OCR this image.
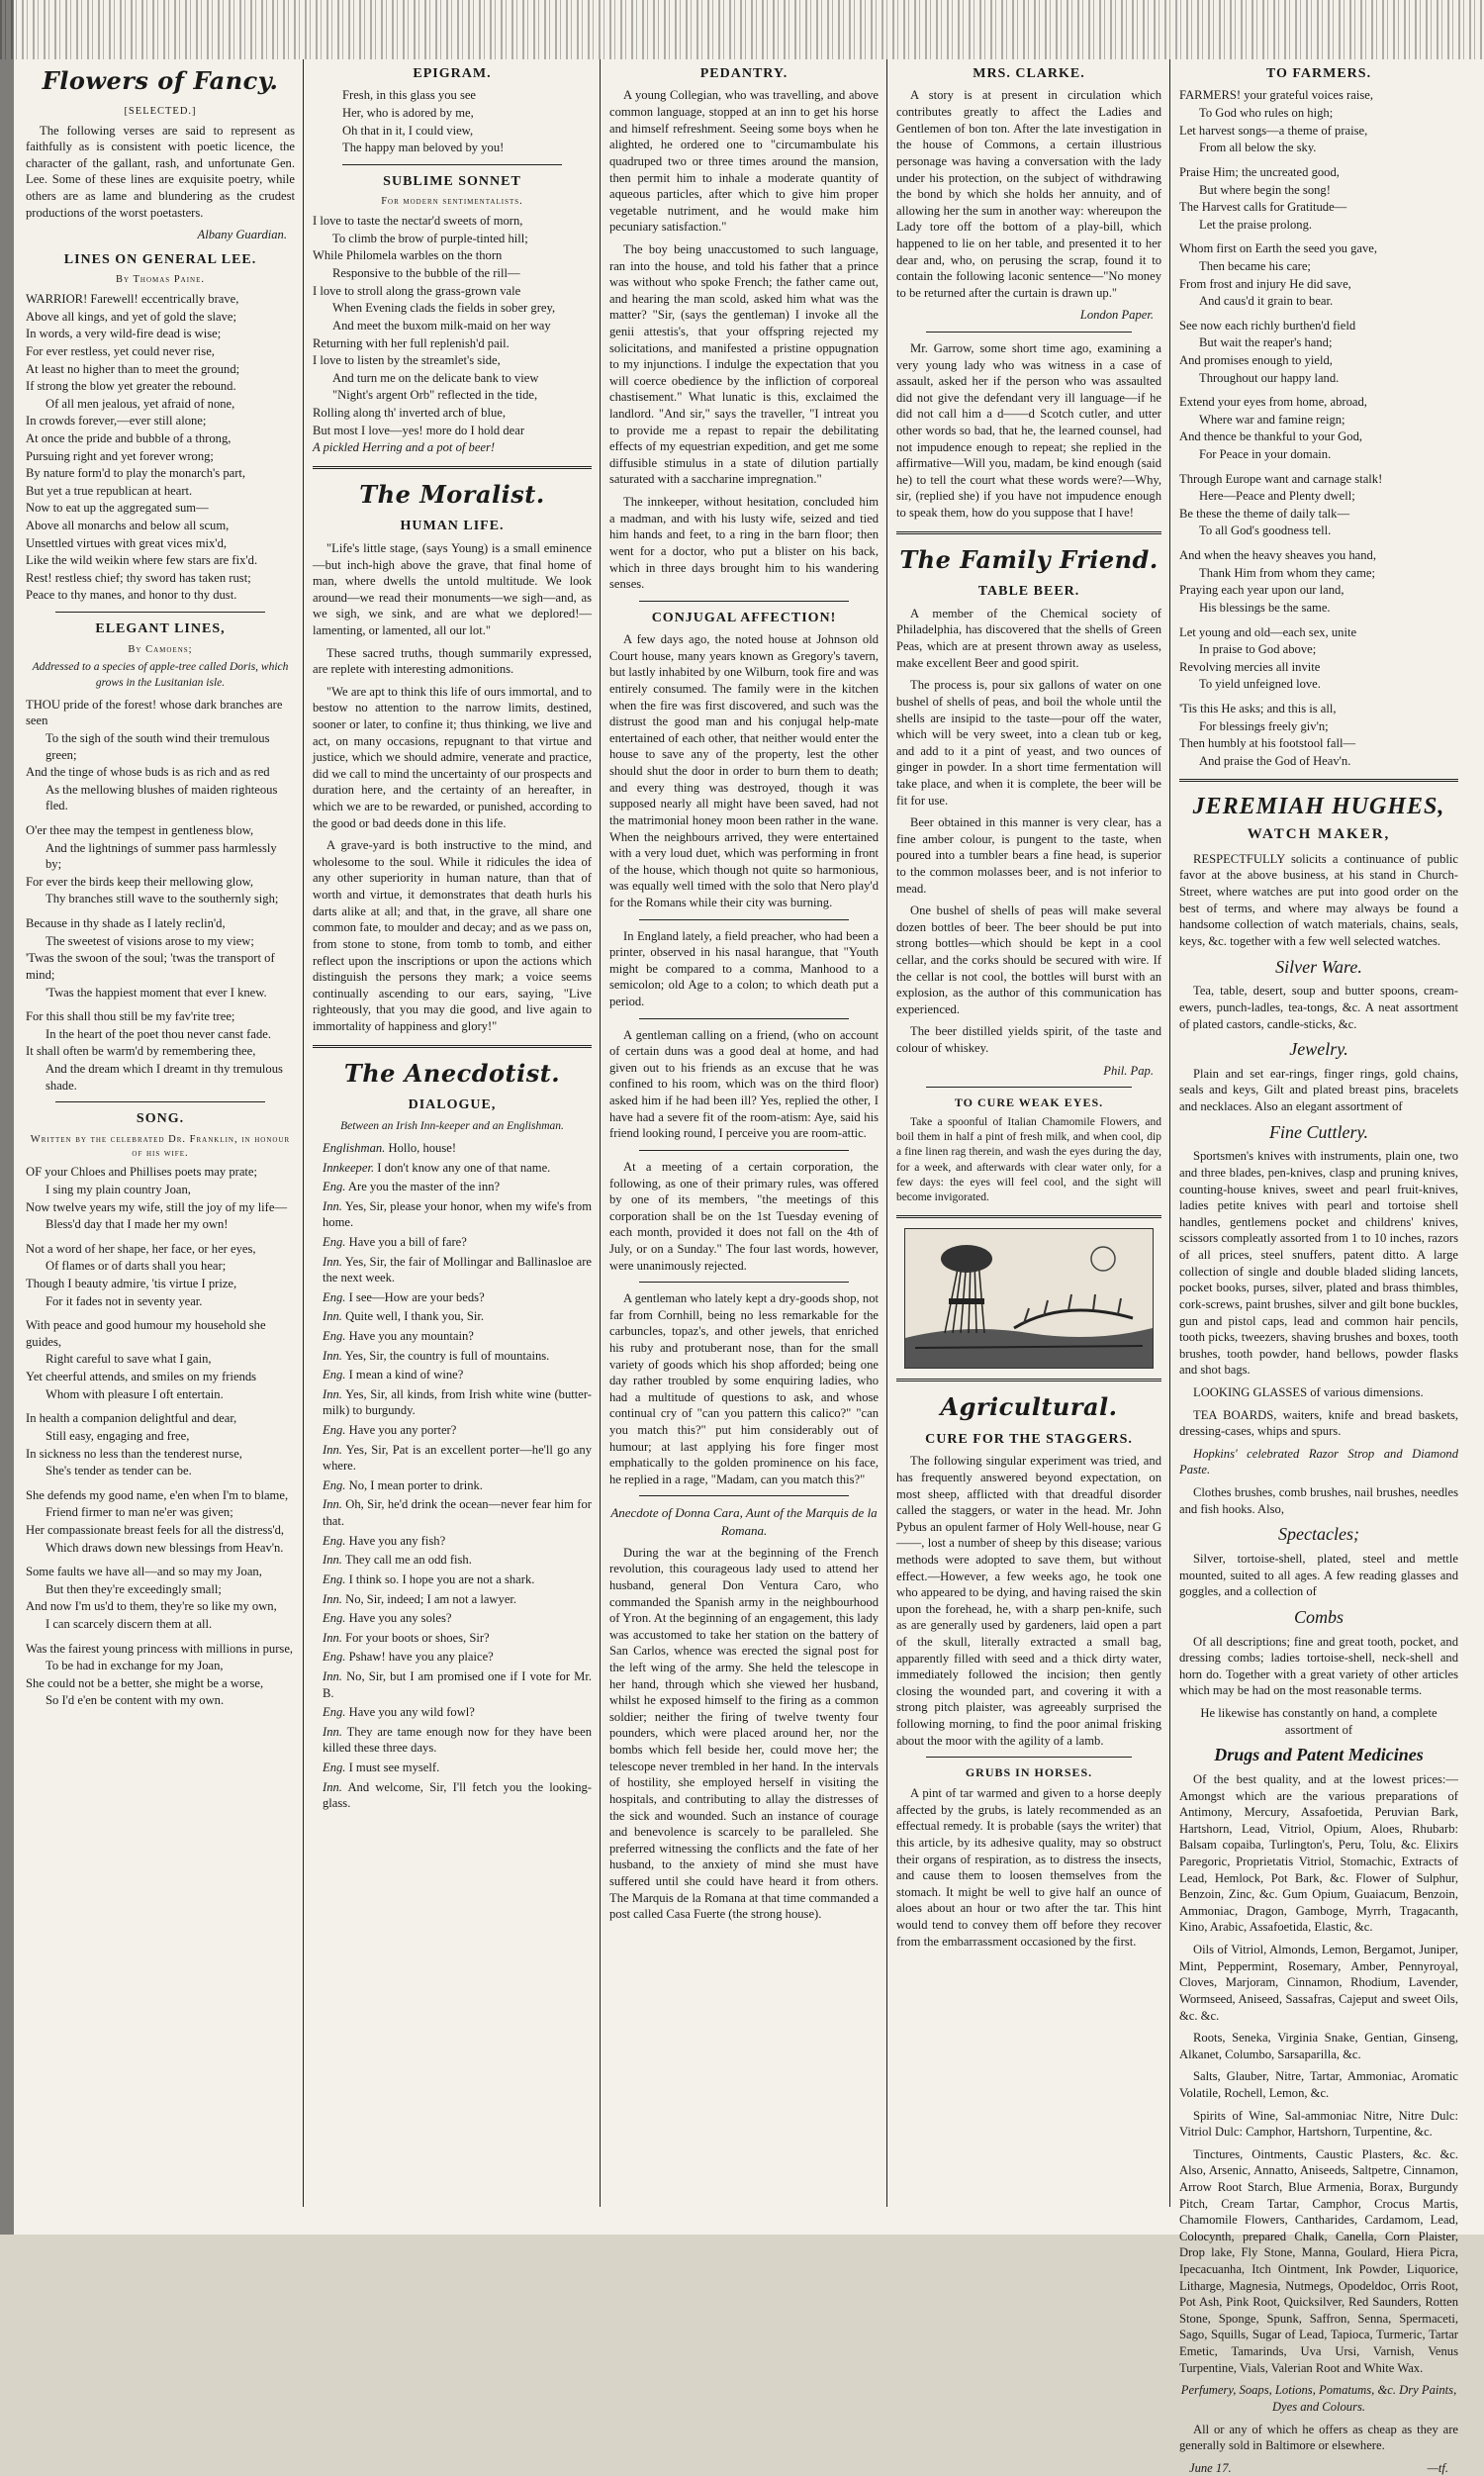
Flowers of Fancy.
[SELECTED.]

The following verses are said to represent as faithfully as is consistent with poetic licence, the character of the gallant, rash, and unfortunate Gen. Lee. Some of these lines are exquisite poetry, while others are as lame and blundering as the crudest productions of the worst poetasters.

Albany Guardian.
LINES ON GENERAL LEE.
By Thomas Paine.

WARRIOR! Farewell! eccentrically brave,

Above all kings, and yet of gold the slave;

In words, a very wild-fire dead is wise;

For ever restless, yet could never rise,

At least no higher than to meet the ground;

If strong the blow yet greater the rebound.

Of all men jealous, yet afraid of none,

In crowds forever,—ever still alone;

At once the pride and bubble of a throng,

Pursuing right and yet forever wrong;

By nature form'd to play the monarch's part,

But yet a true republican at heart.

Now to eat up the aggregated sum—

Above all monarchs and below all scum,

Unsettled virtues with great vices mix'd,

Like the wild weikin where few stars are fix'd.

Rest! restless chief; thy sword has taken rust;

Peace to thy manes, and honor to thy dust.

ELEGANT LINES,
By Camoens;
Addressed to a species of apple-tree called Doris, which grows in the Lusitanian isle.

THOU pride of the forest! whose dark branches are seen

To the sigh of the south wind their tremulous green;

And the tinge of whose buds is as rich and as red

As the mellowing blushes of maiden righteous fled.

O'er thee may the tempest in gentleness blow,

And the lightnings of summer pass harmlessly by;

For ever the birds keep their mellowing glow,

Thy branches still wave to the southernly sigh;

Because in thy shade as I lately reclin'd,

The sweetest of visions arose to my view;

'Twas the swoon of the soul; 'twas the transport of mind;

'Twas the happiest moment that ever I knew.

For this shall thou still be my fav'rite tree;

In the heart of the poet thou never canst fade.

It shall often be warm'd by remembering thee,

And the dream which I dreamt in thy tremulous shade.

SONG.
Written by the celebrated Dr. Franklin, in honour of his wife.

OF your Chloes and Phillises poets may prate;

I sing my plain country Joan,

Now twelve years my wife, still the joy of my life—

Bless'd day that I made her my own!

Not a word of her shape, her face, or her eyes,

Of flames or of darts shall you hear;

Though I beauty admire, 'tis virtue I prize,

For it fades not in seventy year.

With peace and good humour my household she guides,

Right careful to save what I gain,

Yet cheerful attends, and smiles on my friends

Whom with pleasure I oft entertain.

In health a companion delightful and dear,

Still easy, engaging and free,

In sickness no less than the tenderest nurse,

She's tender as tender can be.

She defends my good name, e'en when I'm to blame,

Friend firmer to man ne'er was given;

Her compassionate breast feels for all the distress'd,

Which draws down new blessings from Heav'n.

Some faults we have all—and so may my Joan,

But then they're exceedingly small;

And now I'm us'd to them, they're so like my own,

I can scarcely discern them at all.

Was the fairest young princess with millions in purse,

To be had in exchange for my Joan,

She could not be a better, she might be a worse,

So I'd e'en be content with my own.

EPIGRAM.

Fresh, in this glass you see

Her, who is adored by me,

Oh that in it, I could view,

The happy man beloved by you!

SUBLIME SONNET
For modern sentimentalists.

I love to taste the nectar'd sweets of morn,

To climb the brow of purple-tinted hill;

While Philomela warbles on the thorn

Responsive to the bubble of the rill—

I love to stroll along the grass-grown vale

When Evening clads the fields in sober grey,

And meet the buxom milk-maid on her way

Returning with her full replenish'd pail.

I love to listen by the streamlet's side,

And turn me on the delicate bank to view

"Night's argent Orb" reflected in the tide,

Rolling along th' inverted arch of blue,

But most I love—yes! more do I hold dear

A pickled Herring and a pot of beer!

The Moralist.
HUMAN LIFE.

"Life's little stage, (says Young) is a small eminence—but inch-high above the grave, that final home of man, where dwells the untold multitude. We look around—we read their monuments—we sigh—and, as we sigh, we sink, and are what we deplored!—lamenting, or lamented, all our lot."

These sacred truths, though summarily expressed, are replete with interesting admonitions.

"We are apt to think this life of ours immortal, and to bestow no attention to the narrow limits, destined, sooner or later, to confine it; thus thinking, we live and act, on many occasions, repugnant to that virtue and justice, which we should admire, venerate and practice, did we call to mind the uncertainty of our prospects and duration here, and the certainty of an hereafter, in which we are to be rewarded, or punished, according to the good or bad deeds done in this life.

A grave-yard is both instructive to the mind, and wholesome to the soul. While it ridicules the idea of any other superiority in human nature, than that of worth and virtue, it demonstrates that death hurls his darts alike at all; and that, in the grave, all share one common fate, to moulder and decay; and as we pass on, from stone to stone, from tomb to tomb, and either reflect upon the inscriptions or upon the actions which distinguish the persons they mark; a voice seems continually ascending to our ears, saying, "Live righteously, that you may die good, and live again to immortality of happiness and glory!"

The Anecdotist.
DIALOGUE,
Between an Irish Inn-keeper and an Englishman.

Englishman. Hollo, house!

Innkeeper. I don't know any one of that name.

Eng. Are you the master of the inn?

Inn. Yes, Sir, please your honor, when my wife's from home.

Eng. Have you a bill of fare?

Inn. Yes, Sir, the fair of Mollingar and Ballinasloe are the next week.

Eng. I see—How are your beds?

Inn. Quite well, I thank you, Sir.

Eng. Have you any mountain?

Inn. Yes, Sir, the country is full of mountains.

Eng. I mean a kind of wine?

Inn. Yes, Sir, all kinds, from Irish white wine (butter-milk) to burgundy.

Eng. Have you any porter?

Inn. Yes, Sir, Pat is an excellent porter—he'll go any where.

Eng. No, I mean porter to drink.

Inn. Oh, Sir, he'd drink the ocean—never fear him for that.

Eng. Have you any fish?

Inn. They call me an odd fish.

Eng. I think so. I hope you are not a shark.

Inn. No, Sir, indeed; I am not a lawyer.

Eng. Have you any soles?

Inn. For your boots or shoes, Sir?

Eng. Pshaw! have you any plaice?

Inn. No, Sir, but I am promised one if I vote for Mr. B.

Eng. Have you any wild fowl?

Inn. They are tame enough now for they have been killed these three days.

Eng. I must see myself.

Inn. And welcome, Sir, I'll fetch you the looking-glass.

PEDANTRY.

A young Collegian, who was travelling, and above common language, stopped at an inn to get his horse and himself refreshment. Seeing some boys when he alighted, he ordered one to "circumambulate his quadruped two or three times around the mansion, then permit him to inhale a moderate quantity of aqueous particles, after which to give him proper vegetable nutriment, and he would make him pecuniary satisfaction."

The boy being unaccustomed to such language, ran into the house, and told his father that a prince was without who spoke French; the father came out, and hearing the man scold, asked him what was the matter? "Sir, (says the gentleman) I invoke all the genii attestis's, that your offspring rejected my solicitations, and manifested a pristine oppugnation to my injunctions. I indulge the expectation that you will coerce obedience by the infliction of corporeal chastisement." What lunatic is this, exclaimed the landlord. "And sir," says the traveller, "I intreat you to provide me a repast to repair the debilitating effects of my equestrian expedition, and get me some diffusible stimulus in a state of dilution partially saturated with a saccharine impregnation."

The innkeeper, without hesitation, concluded him a madman, and with his lusty wife, seized and tied him hands and feet, to a ring in the barn floor; then went for a doctor, who put a blister on his back, which in three days brought him to his wandering senses.

CONJUGAL AFFECTION!

A few days ago, the noted house at Johnson old Court house, many years known as Gregory's tavern, but lastly inhabited by one Wilburn, took fire and was entirely consumed. The family were in the kitchen when the fire was first discovered, and such was the distrust the good man and his conjugal help-mate entertained of each other, that neither would enter the house to save any of the property, lest the other should shut the door in order to burn them to death; and every thing was destroyed, though it was supposed nearly all might have been saved, had not the matrimonial honey moon been rather in the wane. When the neighbours arrived, they were entertained with a very loud duet, which was performing in front of the house, which though not quite so harmonious, was equally well timed with the solo that Nero play'd for the Romans while their city was burning.

In England lately, a field preacher, who had been a printer, observed in his nasal harangue, that "Youth might be compared to a comma, Manhood to a semicolon; old Age to a colon; to which death put a period.

A gentleman calling on a friend, (who on account of certain duns was a good deal at home, and had given out to his friends as an excuse that he was confined to his room, which was on the third floor) asked him if he had been ill? Yes, replied the other, I have had a severe fit of the room-atism: Aye, said his friend looking round, I perceive you are room-attic.

At a meeting of a certain corporation, the following, as one of their primary rules, was offered by one of its members, "the meetings of this corporation shall be on the 1st Tuesday evening of each month, provided it does not fall on the 4th of July, or on a Sunday." The four last words, however, were unanimously rejected.

A gentleman who lately kept a dry-goods shop, not far from Cornhill, being no less remarkable for the carbuncles, topaz's, and other jewels, that enriched his ruby and protuberant nose, than for the small variety of goods which his shop afforded; being one day rather troubled by some enquiring ladies, who had a multitude of questions to ask, and whose continual cry of "can you pattern this calico?" "can you match this?" put him considerably out of humour; at last applying his fore finger most emphatically to the golden prominence on his face, he replied in a rage, "Madam, can you match this?"

Anecdote of Donna Cara, Aunt of the Marquis de la Romana.

During the war at the beginning of the French revolution, this courageous lady used to attend her husband, general Don Ventura Caro, who commanded the Spanish army in the neighbourhood of Yron. At the beginning of an engagement, this lady was accustomed to take her station on the battery of San Carlos, whence was erected the signal post for the left wing of the army. She held the telescope in her hand, through which she viewed her husband, whilst he exposed himself to the firing as a common soldier; neither the firing of twelve twenty four pounders, which were placed around her, nor the bombs which fell beside her, could move her; the telescope never trembled in her hand. In the intervals of hostility, she employed herself in visiting the hospitals, and contributing to allay the distresses of the sick and wounded. Such an instance of courage and benevolence is scarcely to be paralleled. She preferred witnessing the conflicts and the fate of her husband, to the anxiety of mind she must have suffered until she could have heard it from others. The Marquis de la Romana at that time commanded a post called Casa Fuerte (the strong house).

MRS. CLARKE.

A story is at present in circulation which contributes greatly to affect the Ladies and Gentlemen of bon ton. After the late investigation in the house of Commons, a certain illustrious personage was having a conversation with the lady under his protection, on the subject of withdrawing the bond by which she holds her annuity, and of allowing her the sum in another way: whereupon the Lady tore off the bottom of a play-bill, which happened to lie on her table, and presented it to her dear and, who, on perusing the scrap, found it to contain the following laconic sentence—"No money to be returned after the curtain is drawn up."

London Paper.

Mr. Garrow, some short time ago, examining a very young lady who was witness in a case of assault, asked her if the person who was assaulted did not give the defendant very ill language—if he did not call him a d——d Scotch cutler, and utter other words so bad, that he, the learned counsel, had not impudence enough to repeat; she replied in the affirmative—Will you, madam, be kind enough (said he) to tell the court what these words were?—Why, sir, (replied she) if you have not impudence enough to speak them, how do you suppose that I have!

The Family Friend.
TABLE BEER.

A member of the Chemical society of Philadelphia, has discovered that the shells of Green Peas, which are at present thrown away as useless, make excellent Beer and good spirit.

The process is, pour six gallons of water on one bushel of shells of peas, and boil the whole until the shells are insipid to the taste—pour off the water, which will be very sweet, into a clean tub or keg, and add to it a pint of yeast, and two ounces of ginger in powder. In a short time fermentation will take place, and when it is complete, the beer will be fit for use.

Beer obtained in this manner is very clear, has a fine amber colour, is pungent to the taste, when poured into a tumbler bears a fine head, is superior to the common molasses beer, and is not inferior to mead.

One bushel of shells of peas will make several dozen bottles of beer. The beer should be put into strong bottles—which should be kept in a cool cellar, and the corks should be secured with wire. If the cellar is not cool, the bottles will burst with an explosion, as the author of this communication has experienced.

The beer distilled yields spirit, of the taste and colour of whiskey.

Phil. Pap.
TO CURE WEAK EYES.

Take a spoonful of Italian Chamomile Flowers, and boil them in half a pint of fresh milk, and when cool, dip a fine linen rag therein, and wash the eyes during the day, for a week, and afterwards with clear water only, for a few days: the eyes will feel cool, and the sight will become invigorated.

Agricultural.
CURE FOR THE STAGGERS.

The following singular experiment was tried, and has frequently answered beyond expectation, on most sheep, afflicted with that dreadful disorder called the staggers, or water in the head. Mr. John Pybus an opulent farmer of Holy Well-house, near G——, lost a number of sheep by this disease; various methods were adopted to save them, but without effect.—However, a few weeks ago, he took one who appeared to be dying, and having raised the skin upon the forehead, he, with a sharp pen-knife, such as are generally used by gardeners, laid open a part of the skull, literally extracted a small bag, apparently filled with seed and a thick dirty water, immediately followed the incision; then gently closing the wounded part, and covering it with a strong pitch plaister, was agreeably surprised the following morning, to find the poor animal frisking about the moor with the agility of a lamb.

GRUBS IN HORSES.

A pint of tar warmed and given to a horse deeply affected by the grubs, is lately recommended as an effectual remedy. It is probable (says the writer) that this article, by its adhesive quality, may so obstruct their organs of respiration, as to distress the insects, and cause them to loosen themselves from the stomach. It might be well to give half an ounce of aloes about an hour or two after the tar. This hint would tend to convey them off before they recover from the embarrassment occasioned by the first.

TO FARMERS.

FARMERS! your grateful voices raise,

To God who rules on high;

Let harvest songs—a theme of praise,

From all below the sky.

Praise Him; the uncreated good,

But where begin the song!

The Harvest calls for Gratitude—

Let the praise prolong.

Whom first on Earth the seed you gave,

Then became his care;

From frost and injury He did save,

And caus'd it grain to bear.

See now each richly burthen'd field

But wait the reaper's hand;

And promises enough to yield,

Throughout our happy land.

Extend your eyes from home, abroad,

Where war and famine reign;

And thence be thankful to your God,

For Peace in your domain.

Through Europe want and carnage stalk!

Here—Peace and Plenty dwell;

Be these the theme of daily talk—

To all God's goodness tell.

And when the heavy sheaves you hand,

Thank Him from whom they came;

Praying each year upon our land,

His blessings be the same.

Let young and old—each sex, unite

In praise to God above;

Revolving mercies all invite

To yield unfeigned love.

'Tis this He asks; and this is all,

For blessings freely giv'n;

Then humbly at his footstool fall—

And praise the God of Heav'n.

JEREMIAH HUGHES,
WATCH MAKER,

RESPECTFULLY solicits a continuance of public favor at the above business, at his stand in Church-Street, where watches are put into good order on the best of terms, and where may always be found a handsome collection of watch materials, chains, seals, keys, &c. together with a few well selected watches.

Silver Ware.

Tea, table, desert, soup and butter spoons, cream-ewers, punch-ladles, tea-tongs, &c. A neat assortment of plated castors, candle-sticks, &c.

Jewelry.

Plain and set ear-rings, finger rings, gold chains, seals and keys, Gilt and plated breast pins, bracelets and necklaces. Also an elegant assortment of

Fine Cuttlery.

Sportsmen's knives with instruments, plain one, two and three blades, pen-knives, clasp and pruning knives, counting-house knives, sweet and pearl fruit-knives, ladies petite knives with pearl and tortoise shell handles, gentlemens pocket and childrens' knives, scissors compleatly assorted from 1 to 10 inches, razors of all prices, steel snuffers, patent ditto. A large collection of single and double bladed sliding lancets, pocket books, purses, silver, plated and brass thimbles, cork-screws, paint brushes, silver and gilt bone buckles, gun and pistol caps, lead and common hair pencils, tooth picks, tweezers, shaving brushes and boxes, tooth brushes, tooth powder, hand bellows, powder flasks and shot bags.

LOOKING GLASSES of various dimensions.

TEA BOARDS, waiters, knife and bread baskets, dressing-cases, whips and spurs.

Hopkins' celebrated Razor Strop and Diamond Paste.

Clothes brushes, comb brushes, nail brushes, needles and fish hooks. Also,

Spectacles;

Silver, tortoise-shell, plated, steel and mettle mounted, suited to all ages. A few reading glasses and goggles, and a collection of

Combs

Of all descriptions; fine and great tooth, pocket, and dressing combs; ladies tortoise-shell, neck-shell and horn do. Together with a great variety of other articles which may be had on the most reasonable terms.

He likewise has constantly on hand, a complete assortment of

Drugs and Patent Medicines

Of the best quality, and at the lowest prices:—Amongst which are the various preparations of Antimony, Mercury, Assafoetida, Peruvian Bark, Hartshorn, Lead, Vitriol, Opium, Aloes, Rhubarb: Balsam copaiba, Turlington's, Peru, Tolu, &c. Elixirs Paregoric, Proprietatis Vitriol, Stomachic, Extracts of Lead, Hemlock, Pot Bark, &c. Flower of Sulphur, Benzoin, Zinc, &c. Gum Opium, Guaiacum, Benzoin, Ammoniac, Dragon, Gamboge, Myrrh, Tragacanth, Kino, Arabic, Assafoetida, Elastic, &c.

Oils of Vitriol, Almonds, Lemon, Bergamot, Juniper, Mint, Peppermint, Rosemary, Amber, Pennyroyal, Cloves, Marjoram, Cinnamon, Rhodium, Lavender, Wormseed, Aniseed, Sassafras, Cajeput and sweet Oils, &c. &c.

Roots, Seneka, Virginia Snake, Gentian, Ginseng, Alkanet, Columbo, Sarsaparilla, &c.

Salts, Glauber, Nitre, Tartar, Ammoniac, Aromatic Volatile, Rochell, Lemon, &c.

Spirits of Wine, Sal-ammoniac Nitre, Nitre Dulc: Vitriol Dulc: Camphor, Hartshorn, Turpentine, &c.

Tinctures, Ointments, Caustic Plasters, &c. &c. Also, Arsenic, Annatto, Aniseeds, Saltpetre, Cinnamon, Arrow Root Starch, Blue Armenia, Borax, Burgundy Pitch, Cream Tartar, Camphor, Crocus Martis, Chamomile Flowers, Cantharides, Cardamom, Lead, Colocynth, prepared Chalk, Canella, Corn Plaister, Drop lake, Fly Stone, Manna, Goulard, Hiera Picra, Ipecacuanha, Itch Ointment, Ink Powder, Liquorice, Litharge, Magnesia, Nutmegs, Opodeldoc, Orris Root, Pot Ash, Pink Root, Quicksilver, Red Saunders, Rotten Stone, Sponge, Spunk, Saffron, Senna, Spermaceti, Sago, Squills, Sugar of Lead, Tapioca, Turmeric, Tartar Emetic, Tamarinds, Uva Ursi, Varnish, Venus Turpentine, Vials, Valerian Root and White Wax.

Perfumery, Soaps, Lotions, Pomatums, &c. Dry Paints, Dyes and Colours.

All or any of which he offers as cheap as they are generally sold in Baltimore or elsewhere.

June 17.	—tf.
